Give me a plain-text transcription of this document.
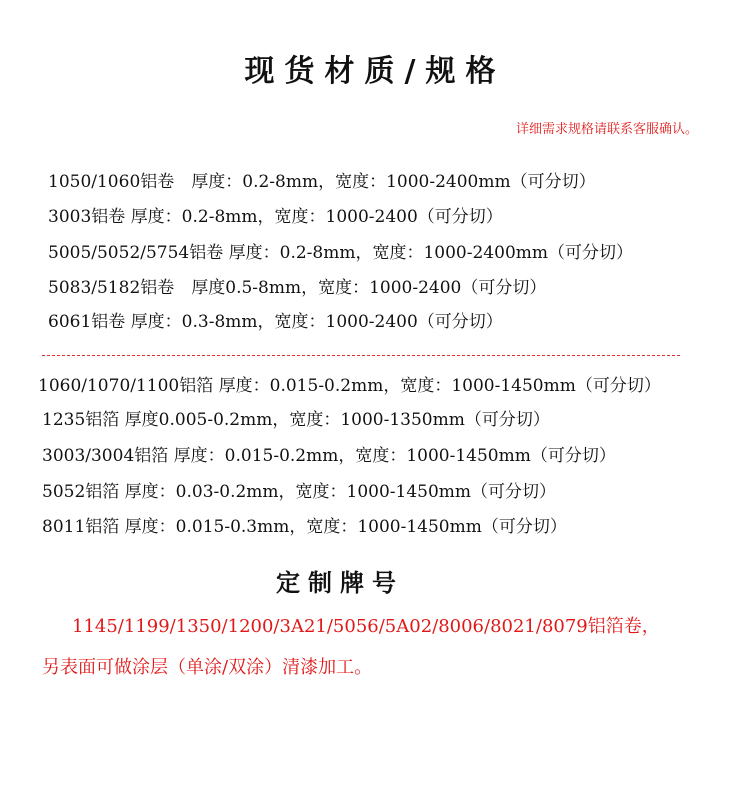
现货材质/规格
详细需求规格请联系客服确认。
1050/1060铝卷　厚度：0.2-8mm，宽度：1000-2400mm（可分切）
3003铝卷 厚度：0.2-8mm，宽度：1000-2400（可分切）
5005/5052/5754铝卷 厚度：0.2-8mm，宽度：1000-2400mm（可分切）
5083/5182铝卷　厚度0.5-8mm，宽度：1000-2400（可分切）
6061铝卷 厚度：0.3-8mm，宽度：1000-2400（可分切）
1060/1070/1100铝箔 厚度：0.015-0.2mm，宽度：1000-1450mm（可分切）
1235铝箔 厚度0.005-0.2mm，宽度：1000-1350mm（可分切）
3003/3004铝箔 厚度：0.015-0.2mm，宽度：1000-1450mm（可分切）
5052铝箔 厚度：0.03-0.2mm，宽度：1000-1450mm（可分切）
8011铝箔 厚度：0.015-0.3mm，宽度：1000-1450mm（可分切）
定制牌号
1145/1199/1350/1200/3A21/5056/5A02/8006/8021/8079铝箔卷，
另表面可做涂层（单涂/双涂）清漆加工。
